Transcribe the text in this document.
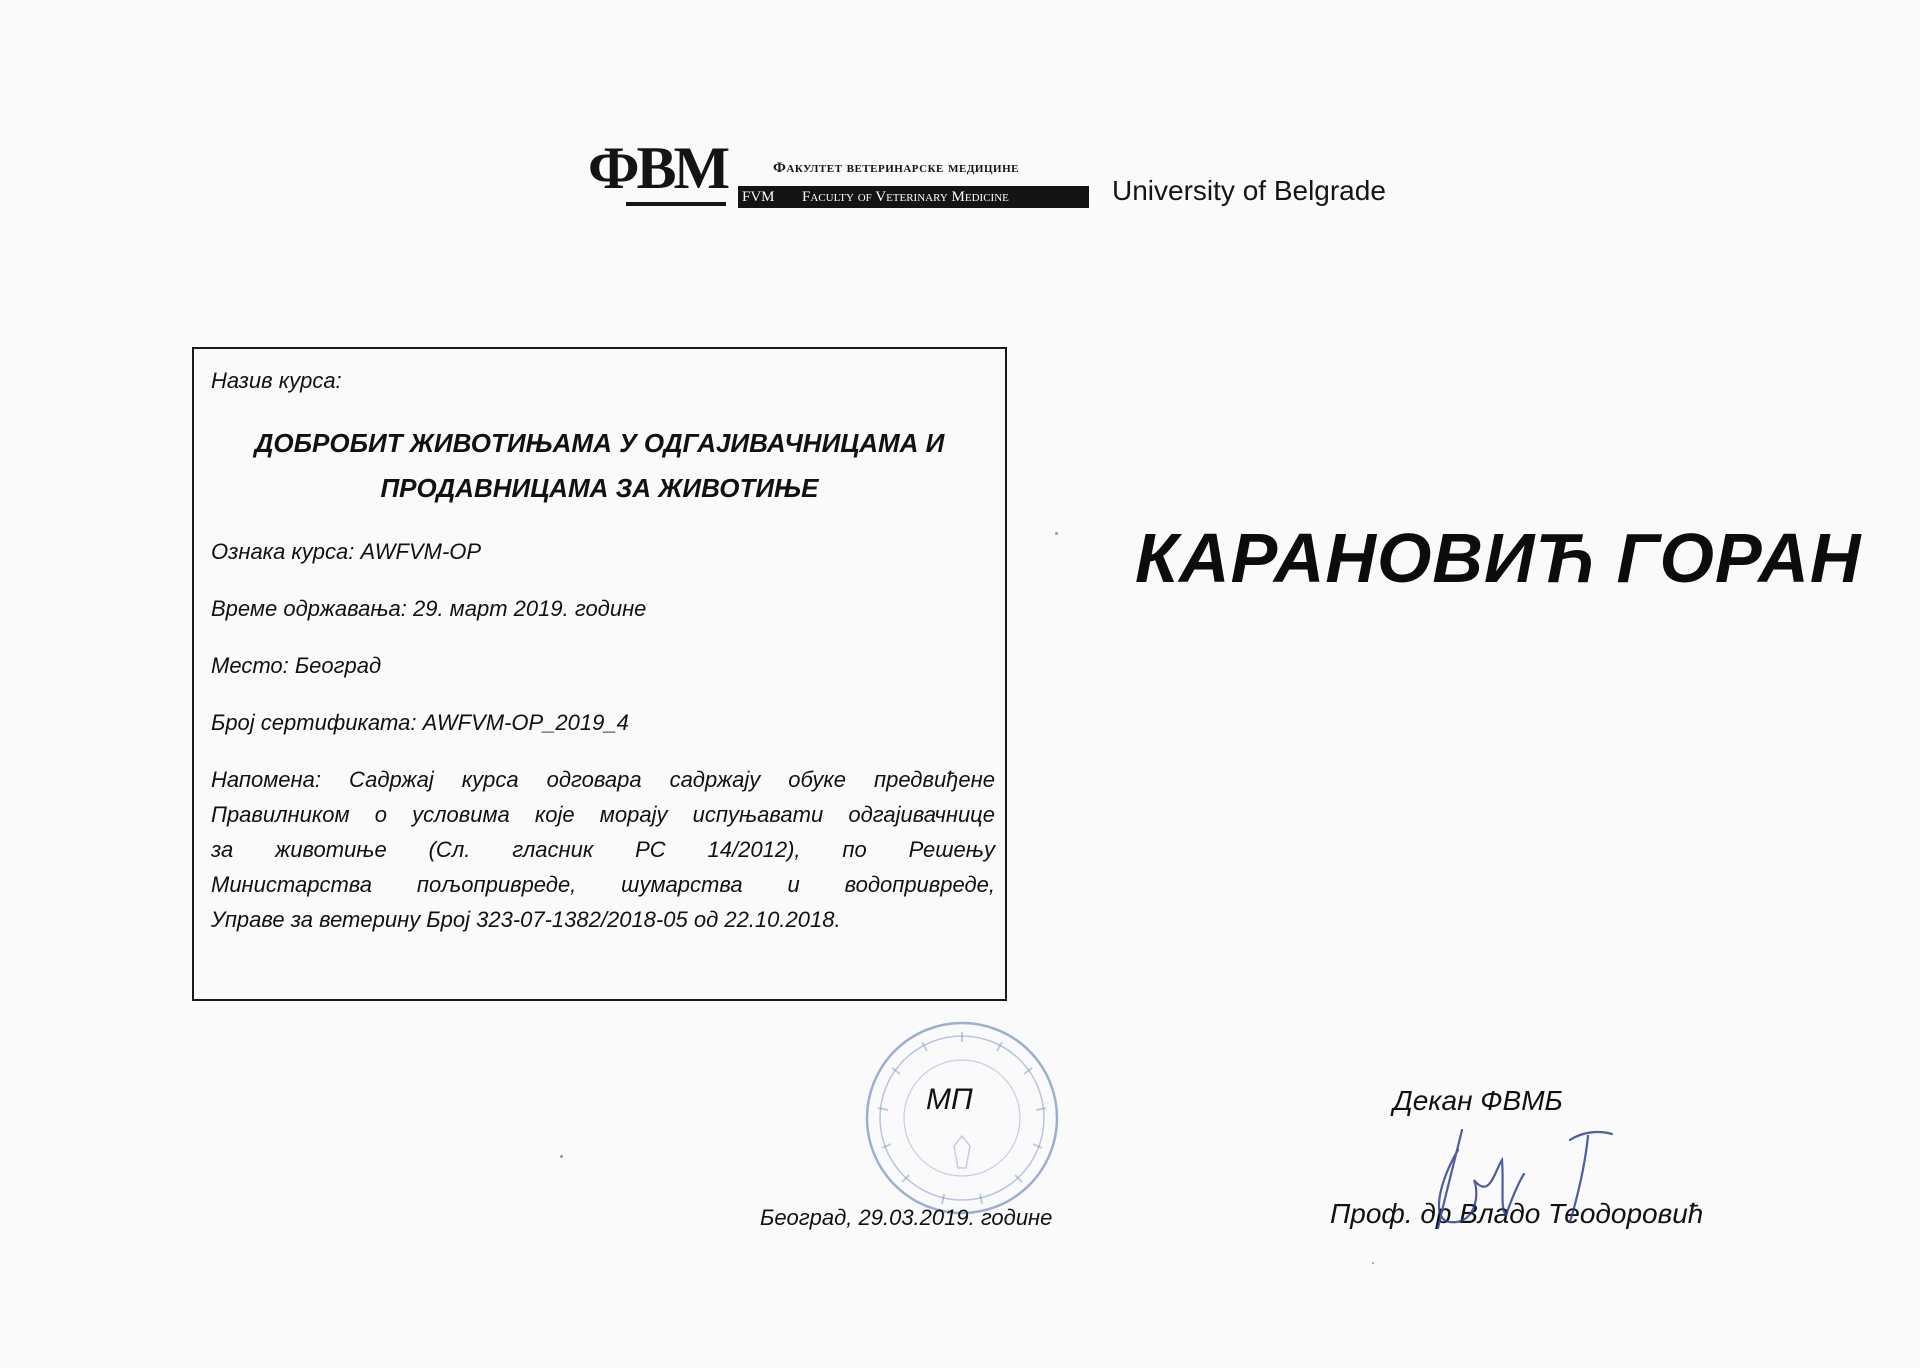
ФВМ	Факултет ветеринарске медицине
FVM Faculty of Veterinary Medicine	University of Belgrade
Назив курса:
ДОБРОБИТ ЖИВОТИЊАМА У ОДГАЈИВАЧНИЦАМА И
ПРОДАВНИЦАМА ЗА ЖИВОТИЊЕ
Ознака курса: AWFVM-OP
Време одржавања: 29. март 2019. године
Место: Београд
Број сертификата: AWFVM-OP_2019_4
Напомена: Садржај курса одговара садржају обуке предвиђене
Правилником о условима које морају испуњавати одгајивачнице
за животиње (Сл. гласник РС 14/2012), по Решењу
Министарства пољопривреде, шумарства и водопривреде,
Управе за ветерину Број 323-07-1382/2018-05 од 22.10.2018.
КАРАНОВИЋ ГОРАН
МП
Београд, 29.03.2019. године
Декан ФВМБ
Проф. др Владо Теодоровић
